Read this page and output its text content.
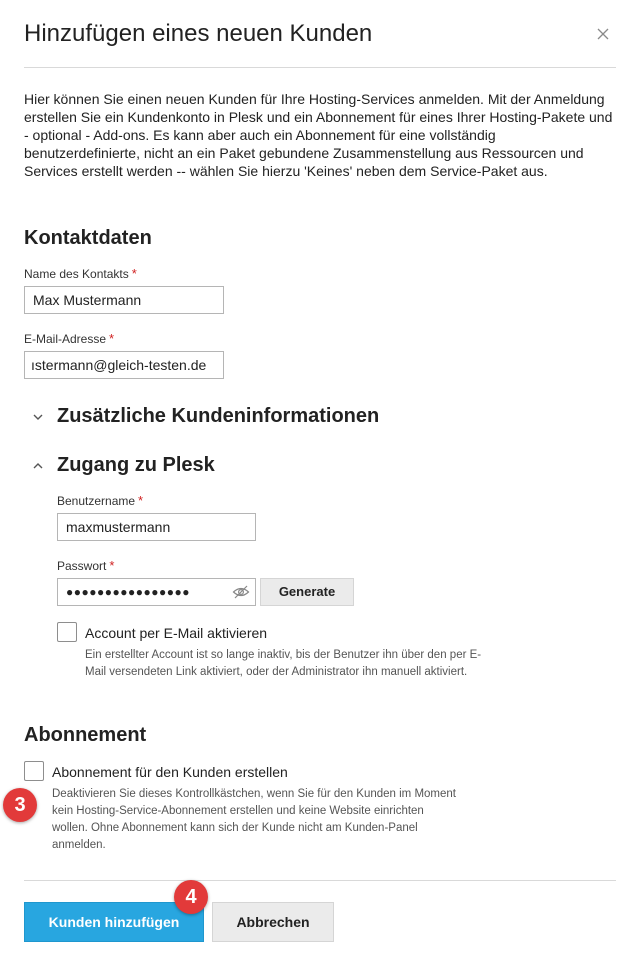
Hinzufügen eines neuen Kunden
Hier können Sie einen neuen Kunden für Ihre Hosting-Services anmelden. Mit der Anmeldung erstellen Sie ein Kundenkonto in Plesk und ein Abonnement für eines Ihrer Hosting-Pakete und - optional - Add-ons. Es kann aber auch ein Abonnement für eine vollständig benutzerdefinierte, nicht an ein Paket gebundene Zusammenstellung aus Ressourcen und Services erstellt werden -- wählen Sie hierzu 'Keines' neben dem Service-Paket aus.
Kontaktdaten
Name des Kontakts *
Max Mustermann
E-Mail-Adresse *
ıstermann@gleich-testen.de
Zusätzliche Kundeninformationen
Zugang zu Plesk
Benutzername *
maxmustermann
Passwort *
●●●●●●●●●●●●●●●●	Generate
Account per E-Mail aktivieren
Ein erstellter Account ist so lange inaktiv, bis der Benutzer ihn über den per E-Mail versendeten Link aktiviert, oder der Administrator ihn manuell aktiviert.
Abonnement
Abonnement für den Kunden erstellen
Deaktivieren Sie dieses Kontrollkästchen, wenn Sie für den Kunden im Moment kein Hosting-Service-Abonnement erstellen und keine Website einrichten wollen. Ohne Abonnement kann sich der Kunde nicht am Kunden-Panel anmelden.
3
Kunden hinzufügen	Abbrechen
4
